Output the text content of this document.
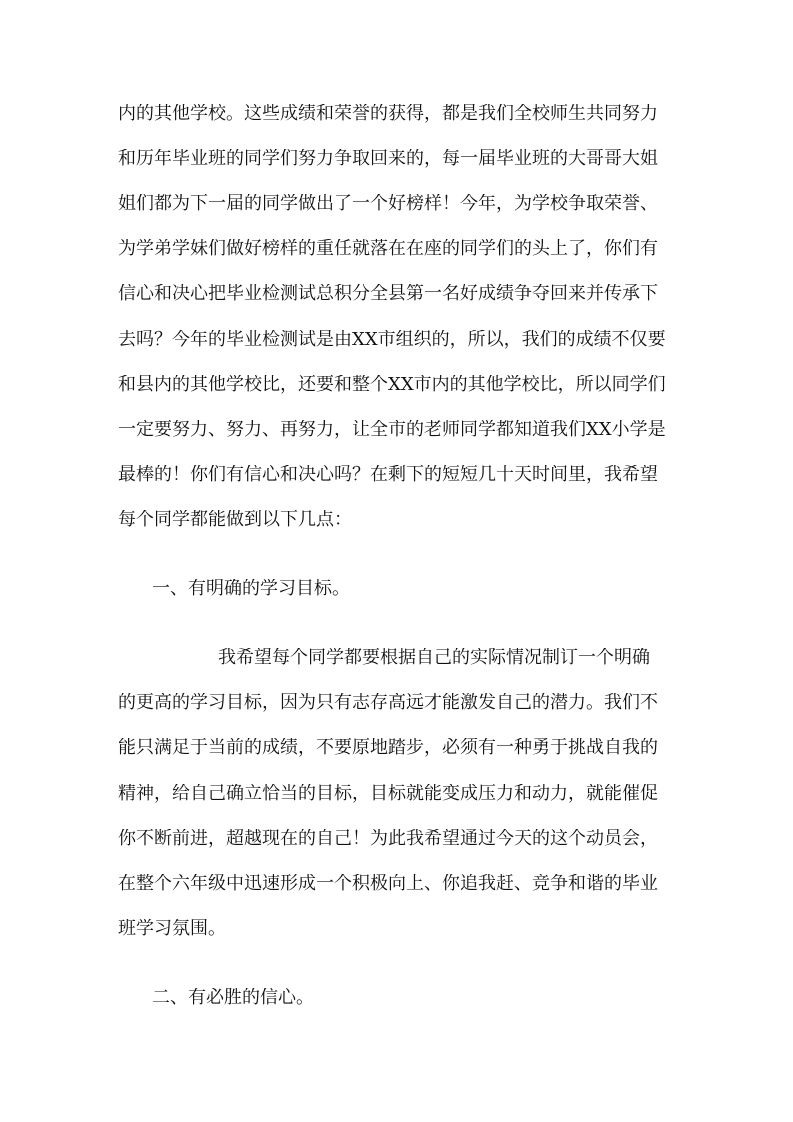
内的其他学校。这些成绩和荣誉的获得，都是我们全校师生共同努力
和历年毕业班的同学们努力争取回来的，每一届毕业班的大哥哥大姐
姐们都为下一届的同学做出了一个好榜样！今年，为学校争取荣誉、
为学弟学妹们做好榜样的重任就落在在座的同学们的头上了，你们有
信心和决心把毕业检测试总积分全县第一名好成绩争夺回来并传承下
去吗？今年的毕业检测试是由XX市组织的，所以，我们的成绩不仅要
和县内的其他学校比，还要和整个XX市内的其他学校比，所以同学们
一定要努力、努力、再努力，让全市的老师同学都知道我们XX小学是
最棒的！你们有信心和决心吗？在剩下的短短几十天时间里，我希望
每个同学都能做到以下几点：
一、有明确的学习目标。
我希望每个同学都要根据自己的实际情况制订一个明确
的更高的学习目标，因为只有志存高远才能激发自己的潜力。我们不
能只满足于当前的成绩，不要原地踏步，必须有一种勇于挑战自我的
精神，给自己确立恰当的目标，目标就能变成压力和动力，就能催促
你不断前进，超越现在的自己！为此我希望通过今天的这个动员会，
在整个六年级中迅速形成一个积极向上、你追我赶、竞争和谐的毕业
班学习氛围。
二、有必胜的信心。
